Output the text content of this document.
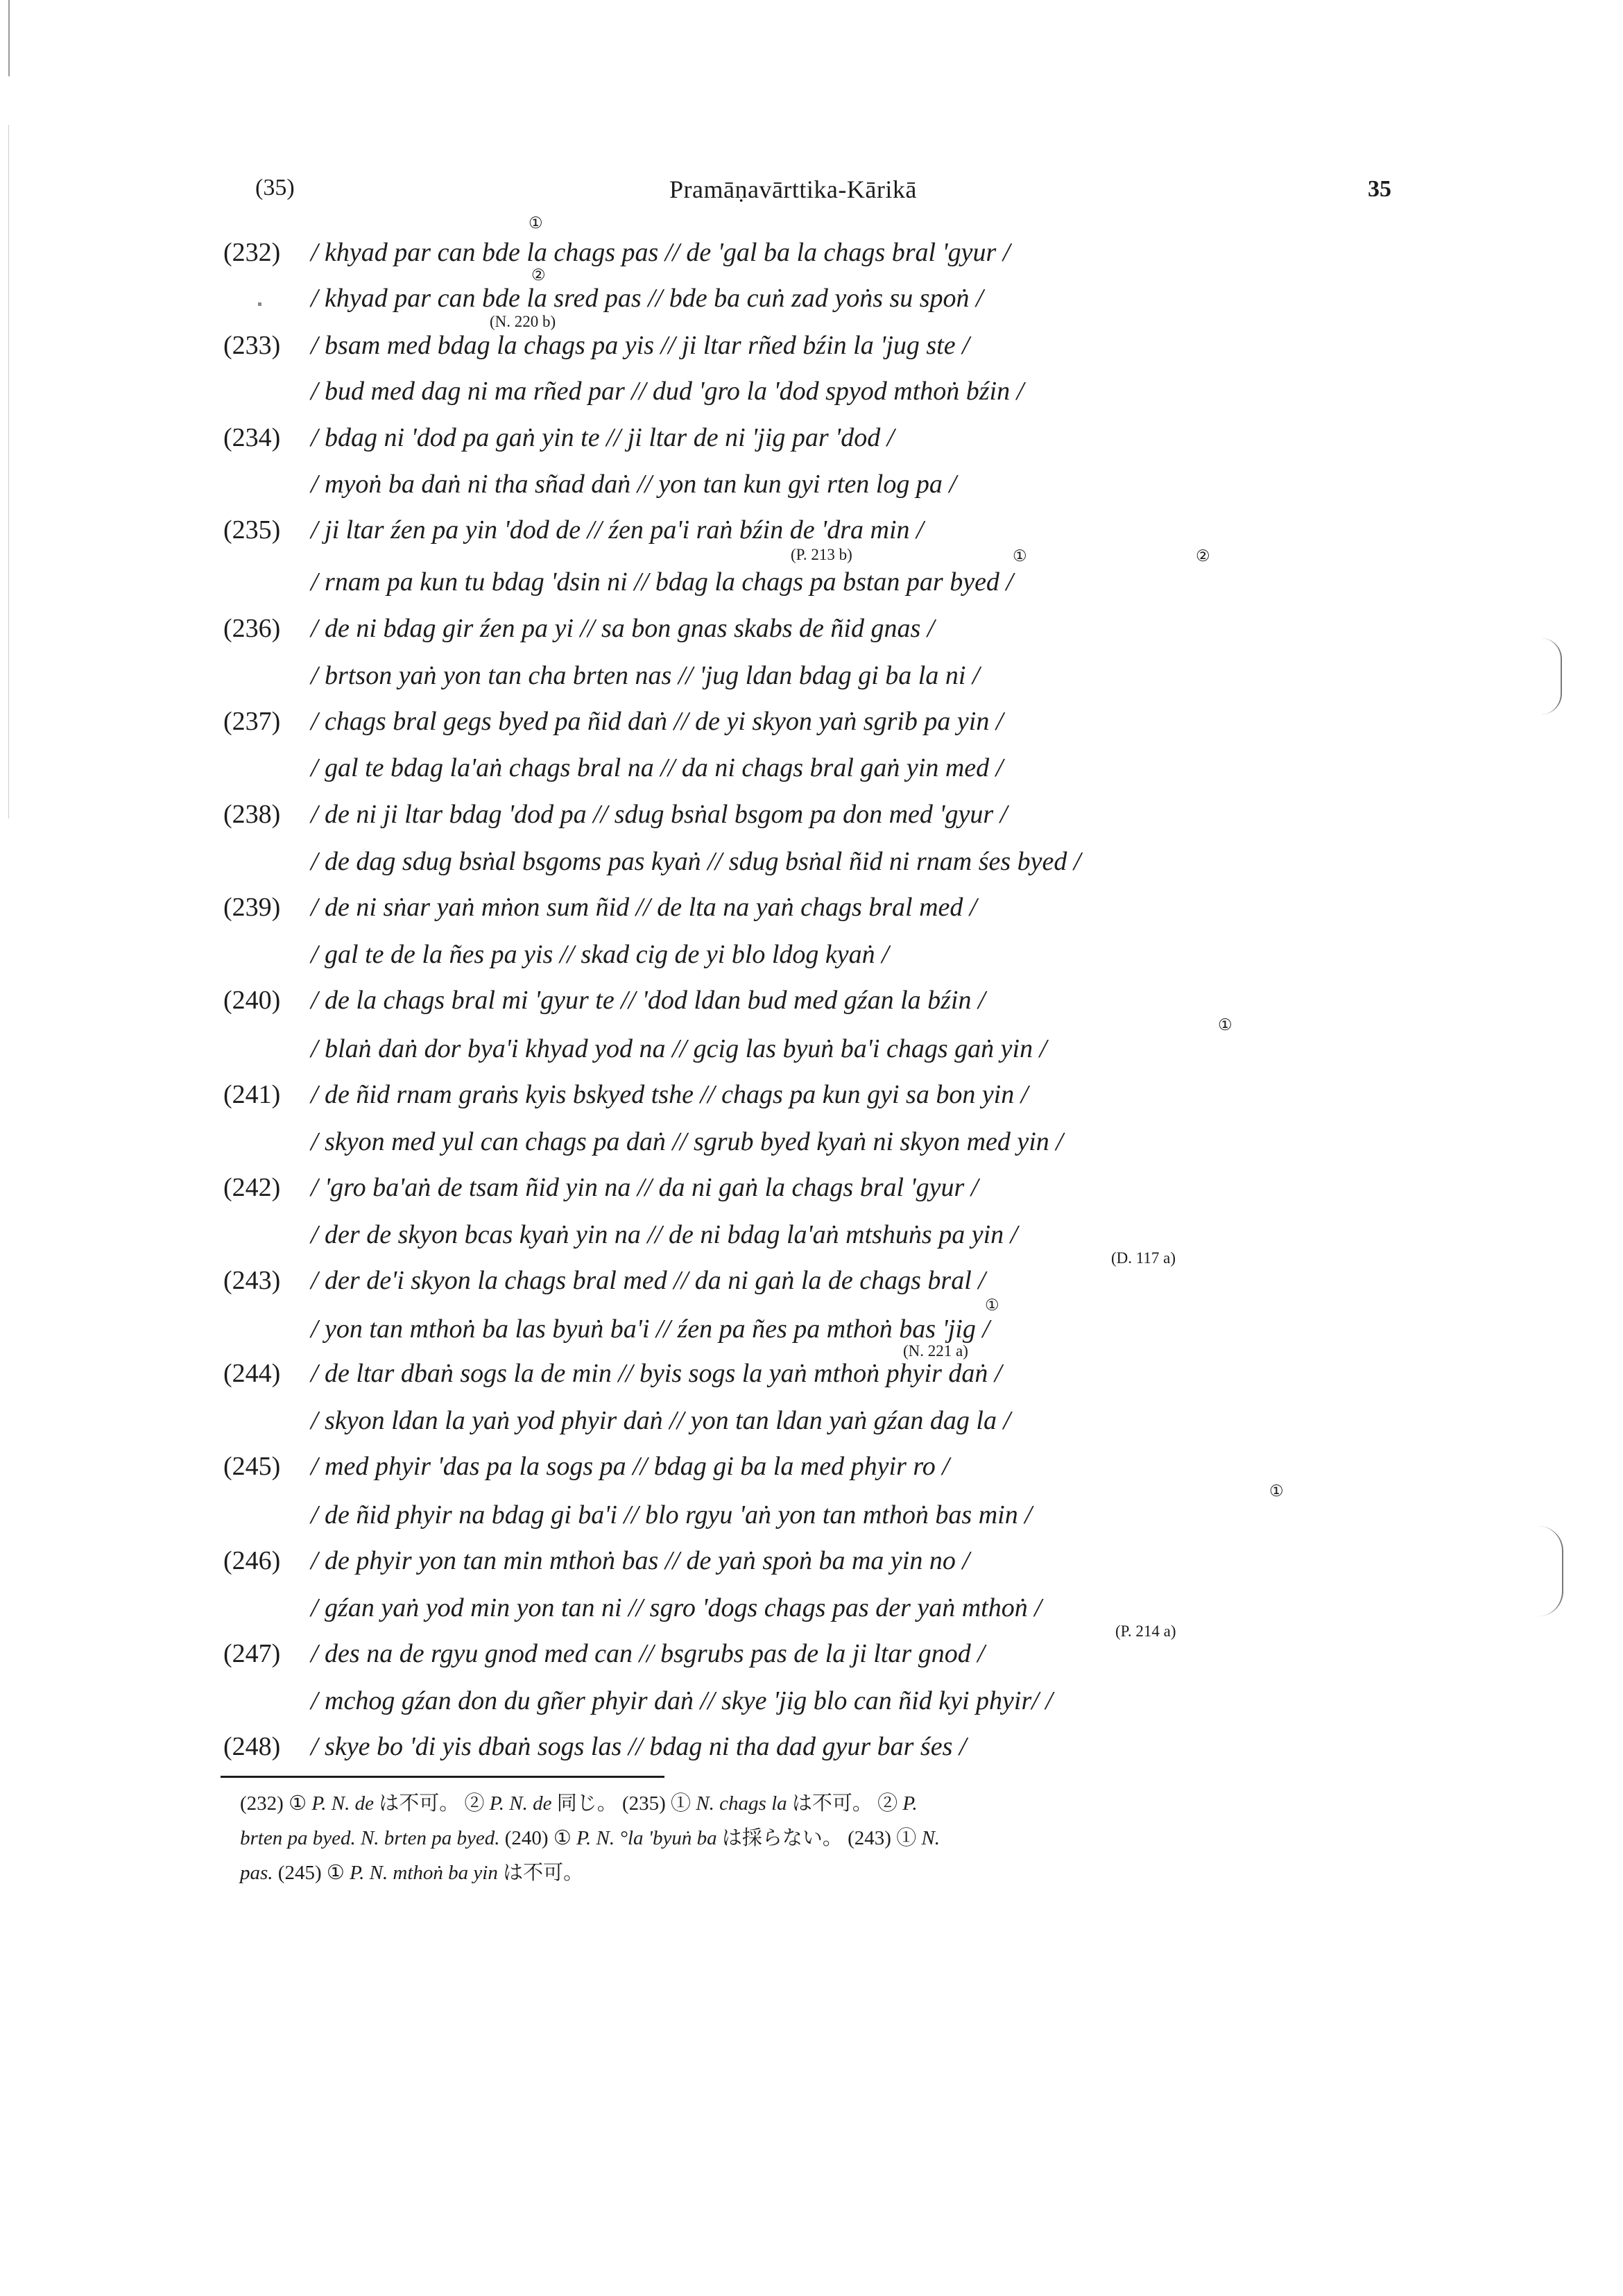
(35)	Pramāṇavārttika-Kārikā	35
(232) / khyad par can bde la chags pas // de 'gal ba la chags bral 'gyur /
/ khyad par can bde la sred pas // bde ba cuṅ zad yoṅs su spoṅ /
(233) / bsam med bdag la chags pa yis // ji ltar rñed bźin la 'jug ste /
/ bud med dag ni ma rñed par // dud 'gro la 'dod spyod mthoṅ bźin /
(234) / bdag ni 'dod pa gaṅ yin te // ji ltar de ni 'jig par 'dod /
/ myoṅ ba daṅ ni tha sñad daṅ // yon tan kun gyi rten log pa /
(235) / ji ltar źen pa yin 'dod de // źen pa'i raṅ bźin de 'dra min /
/ rnam pa kun tu bdag 'dsin ni // bdag la chags pa bstan par byed /
(236) / de ni bdag gir źen pa yi // sa bon gnas skabs de ñid gnas /
/ brtson yaṅ yon tan cha brten nas // 'jug ldan bdag gi ba la ni /
(237) / chags bral gegs byed pa ñid daṅ // de yi skyon yaṅ sgrib pa yin /
/ gal te bdag la'aṅ chags bral na // da ni chags bral gaṅ yin med /
(238) / de ni ji ltar bdag 'dod pa // sdug bsṅal bsgom pa don med 'gyur /
/ de dag sdug bsṅal bsgoms pas kyaṅ // sdug bsṅal ñid ni rnam śes byed /
(239) / de ni sṅar yaṅ mṅon sum ñid // de lta na yaṅ chags bral med /
/ gal te de la ñes pa yis // skad cig de yi blo ldog kyaṅ /
(240) / de la chags bral mi 'gyur te // 'dod ldan bud med gźan la bźin /
/ blaṅ daṅ dor bya'i khyad yod na // gcig las byuṅ ba'i chags gaṅ yin /
(241) / de ñid rnam graṅs kyis bskyed tshe // chags pa kun gyi sa bon yin /
/ skyon med yul can chags pa daṅ // sgrub byed kyaṅ ni skyon med yin /
(242) / 'gro ba'aṅ de tsam ñid yin na // da ni gaṅ la chags bral 'gyur /
/ der de skyon bcas kyaṅ yin na // de ni bdag la'aṅ mtshuṅs pa yin /
(243) / der de'i skyon la chags bral med // da ni gaṅ la de chags bral /
/ yon tan mthoṅ ba las byuṅ ba'i // źen pa ñes pa mthoṅ bas 'jig /
(244) / de ltar dbaṅ sogs la de min // byis sogs la yaṅ mthoṅ phyir daṅ /
/ skyon ldan la yaṅ yod phyir daṅ // yon tan ldan yaṅ gźan dag la /
(245) / med phyir 'das pa la sogs pa // bdag gi ba la med phyir ro /
/ de ñid phyir na bdag gi ba'i // blo rgyu 'aṅ yon tan mthoṅ bas min /
(246) / de phyir yon tan min mthoṅ bas // de yaṅ spoṅ ba ma yin no /
/ gźan yaṅ yod min yon tan ni // sgro 'dogs chags pas der yaṅ mthoṅ /
(247) / des na de rgyu gnod med can // bsgrubs pas de la ji ltar gnod /
/ mchog gźan don du gñer phyir daṅ // skye 'jig blo can ñid kyi phyir/ /
(248) / skye bo 'di yis dbaṅ sogs las // bdag ni tha dad gyur bar śes /
①
②
(N. 220 b)
(P. 213 b)	①	②
①
(D. 117 a)
①
(N. 221 a)
①
(P. 214 a)
(232) ① P. N. de は不可。 ② P. N. de 同じ。 (235) ① N. chags la は不可。 ② P.
brten pa byed. N. brten pa byed. (240) ① P. N. °la 'byuṅ ba は採らない。 (243) ① N.
pas. (245) ① P. N. mthoṅ ba yin は不可。
